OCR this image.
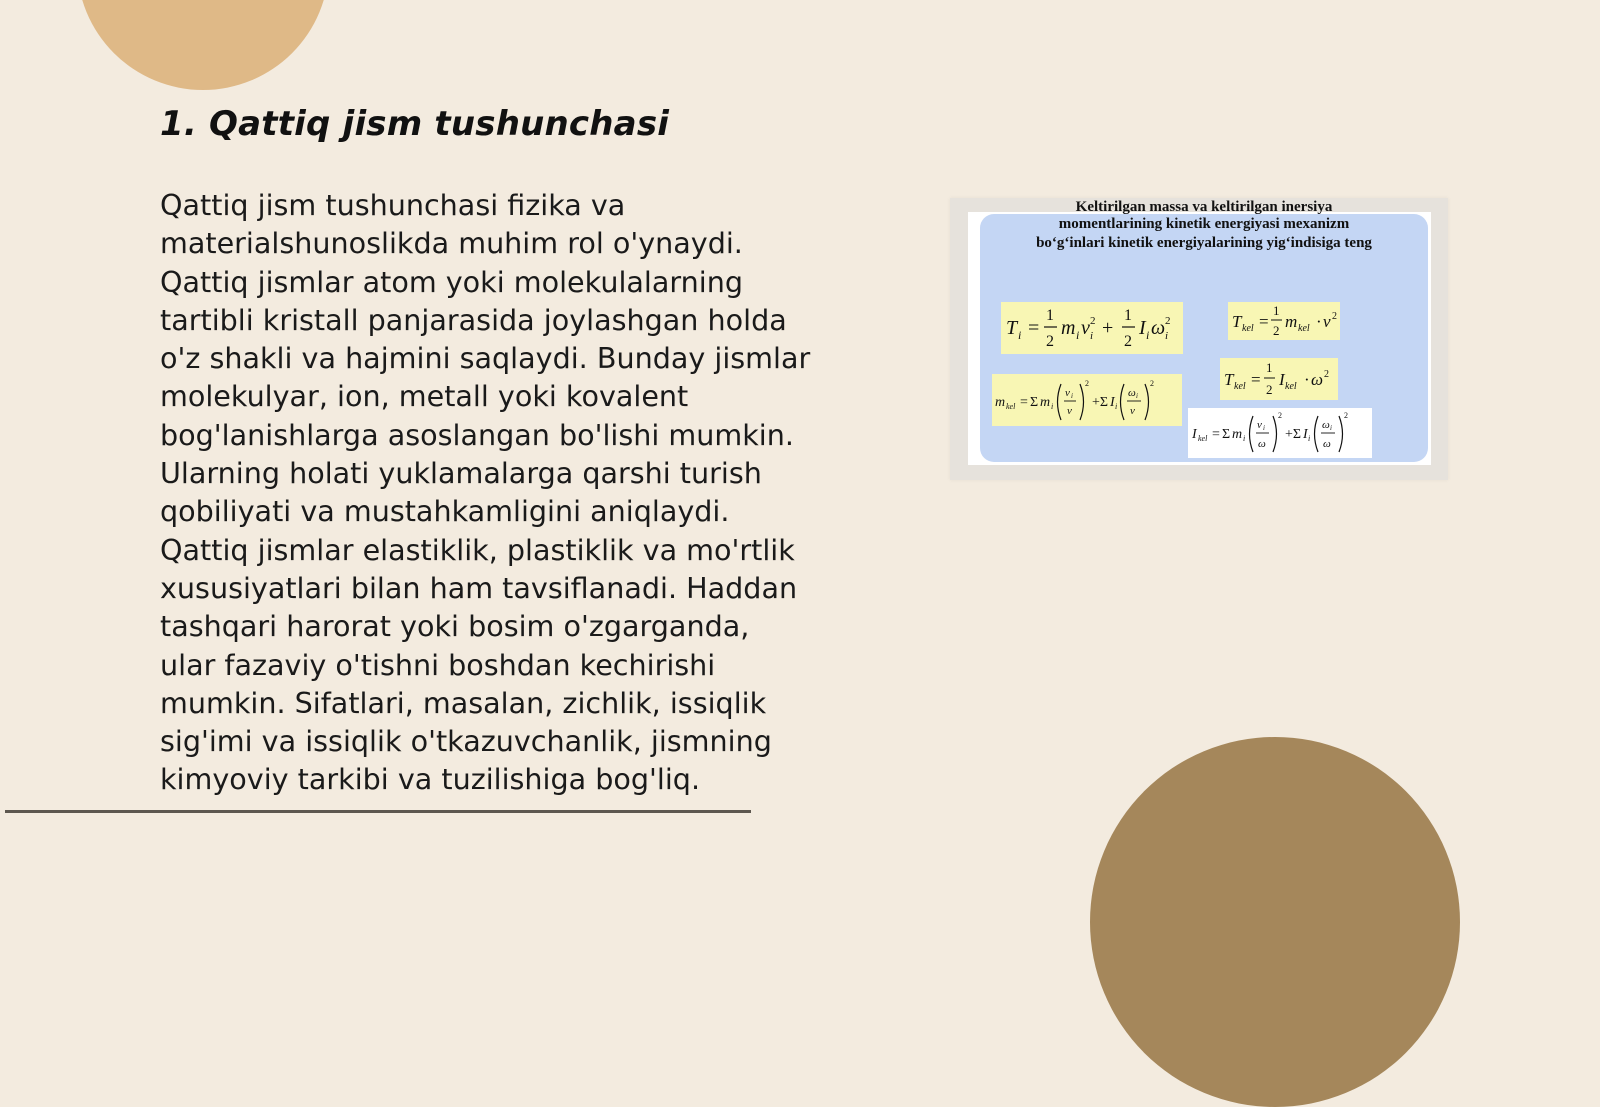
1. Qattiq jism tushunchasi
Qattiq jism tushunchasi fizika va
materialshunoslikda muhim rol o'ynaydi.
Qattiq jismlar atom yoki molekulalarning
tartibli kristall panjarasida joylashgan holda
o'z shakli va hajmini saqlaydi. Bunday jismlar
molekulyar, ion, metall yoki kovalent
bog'lanishlarga asoslangan bo'lishi mumkin.
Ularning holati yuklamalarga qarshi turish
qobiliyati va mustahkamligini aniqlaydi.
Qattiq jismlar elastiklik, plastiklik va mo'rtlik
xususiyatlari bilan ham tavsiflanadi. Haddan
tashqari harorat yoki bosim o'zgarganda,
ular fazaviy o'tishni boshdan kechirishi
mumkin. Sifatlari, masalan, zichlik, issiqlik
sig'imi va issiqlik o'tkazuvchanlik, jismning
kimyoviy tarkibi va tuzilishiga bog'liq.
Keltirilgan massa va keltirilgan inersiya
momentlarining kinetik energiyasi mexanizm
bo‘g‘inlari kinetik energiyalarining yig‘indisiga teng
T i =
1
2
m i v 2
i +
1
2
I i ω 2
i
T kel =
1
2 m kel · v 2
T kel =
1
2
I kel · ω 2
m kel = Σ m i
v i
v
2
+Σ I i
ω i
v
2
I kel = Σ m i
v i
ω
2
+Σ I i
ω i
ω
2
